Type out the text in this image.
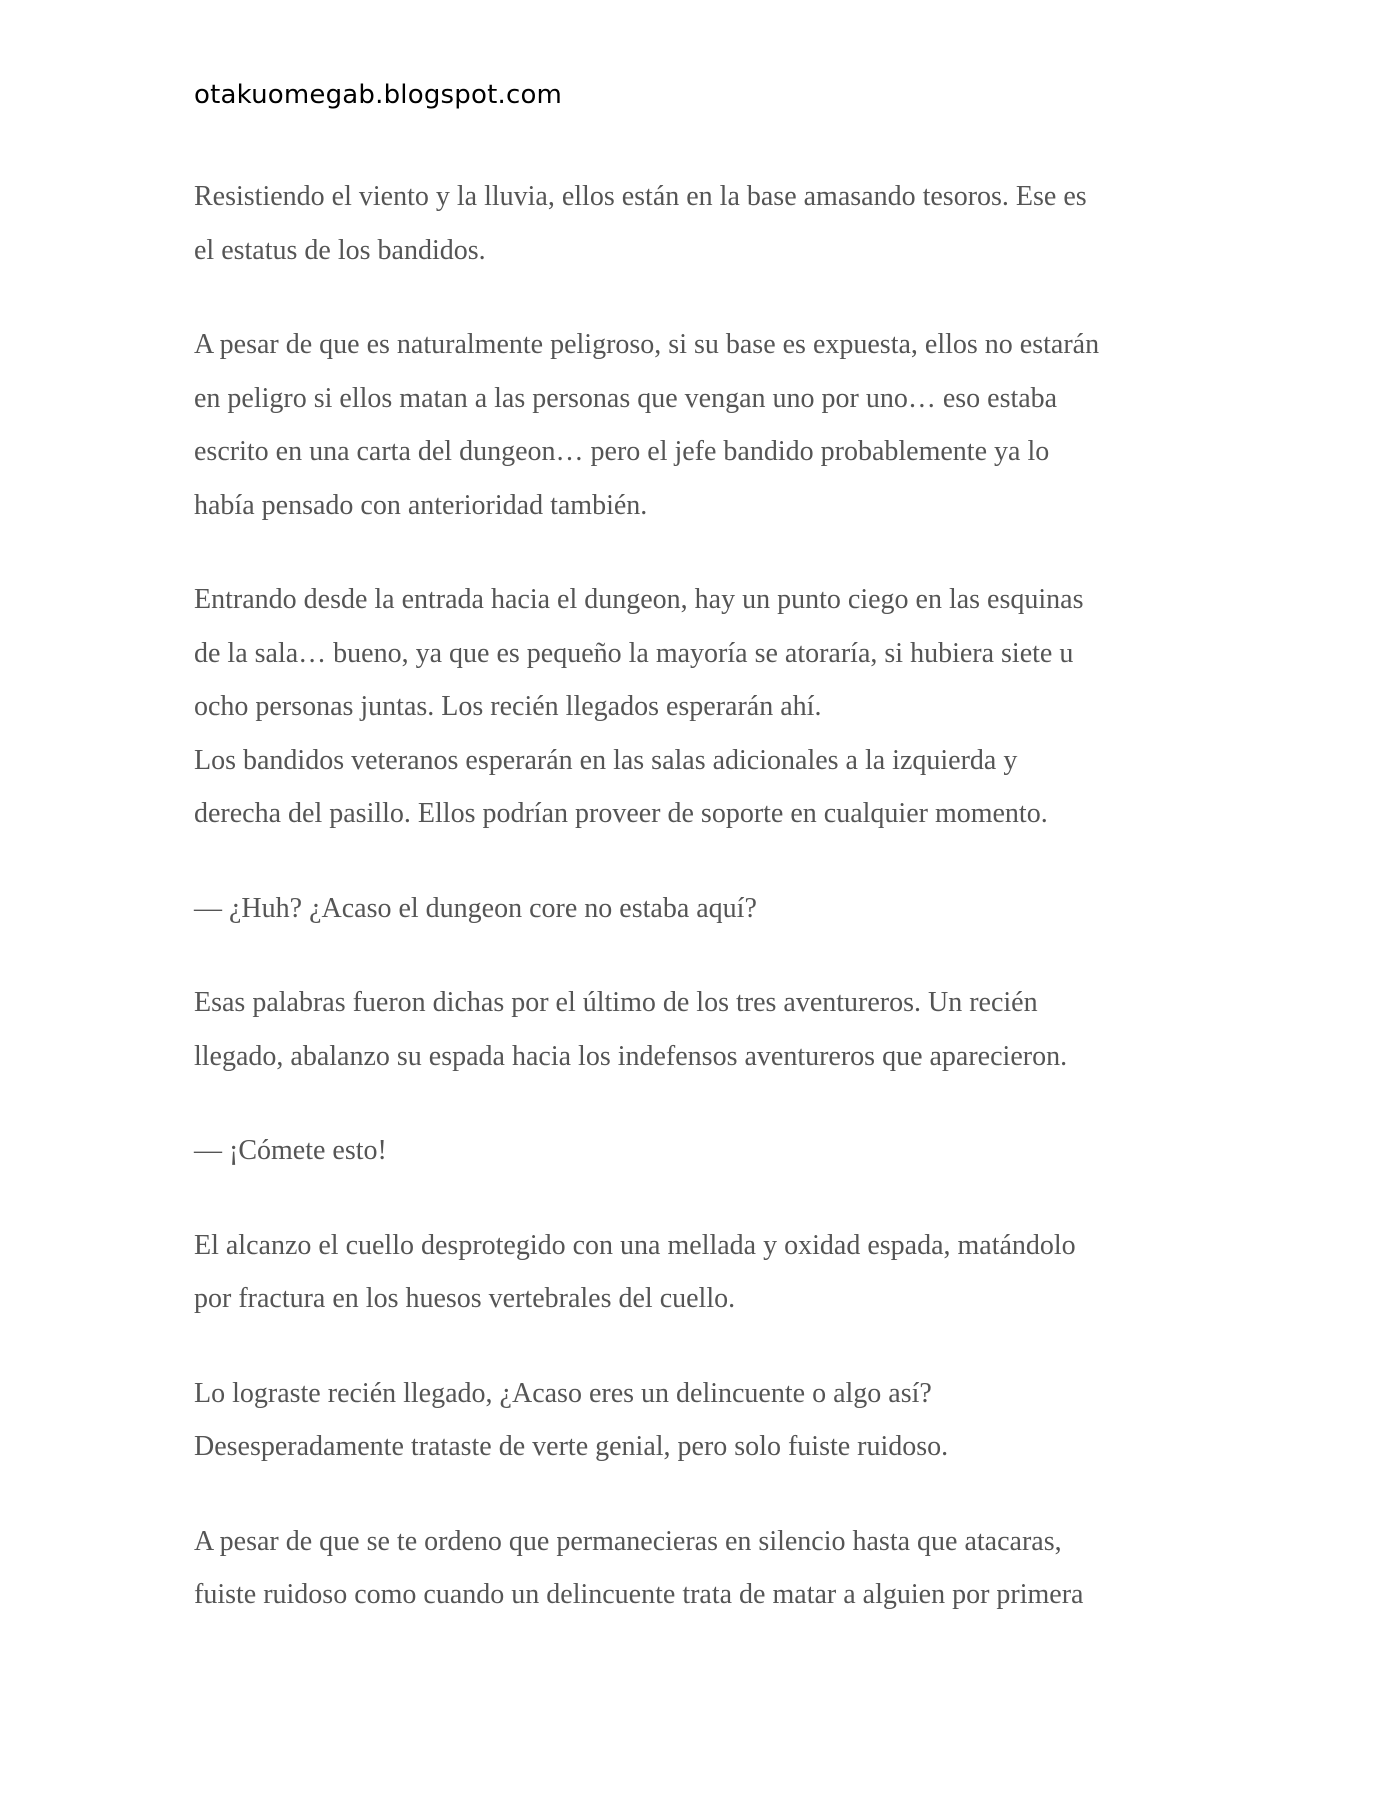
otakuomegab.blogspot.com

Resistiendo el viento y la lluvia, ellos están en la base amasando tesoros. Ese es
el estatus de los bandidos.

A pesar de que es naturalmente peligroso, si su base es expuesta, ellos no estarán
en peligro si ellos matan a las personas que vengan uno por uno… eso estaba
escrito en una carta del dungeon… pero el jefe bandido probablemente ya lo
había pensado con anterioridad también.

Entrando desde la entrada hacia el dungeon, hay un punto ciego en las esquinas
de la sala… bueno, ya que es pequeño la mayoría se atoraría, si hubiera siete u
ocho personas juntas. Los recién llegados esperarán ahí.

Los bandidos veteranos esperarán en las salas adicionales a la izquierda y
derecha del pasillo. Ellos podrían proveer de soporte en cualquier momento.

— ¿Huh? ¿Acaso el dungeon core no estaba aquí?

Esas palabras fueron dichas por el último de los tres aventureros. Un recién
llegado, abalanzo su espada hacia los indefensos aventureros que aparecieron.

— ¡Cómete esto!

El alcanzo el cuello desprotegido con una mellada y oxidad espada, matándolo
por fractura en los huesos vertebrales del cuello.

Lo lograste recién llegado, ¿Acaso eres un delincuente o algo así?
Desesperadamente trataste de verte genial, pero solo fuiste ruidoso.

A pesar de que se te ordeno que permanecieras en silencio hasta que atacaras,
fuiste ruidoso como cuando un delincuente trata de matar a alguien por primera
